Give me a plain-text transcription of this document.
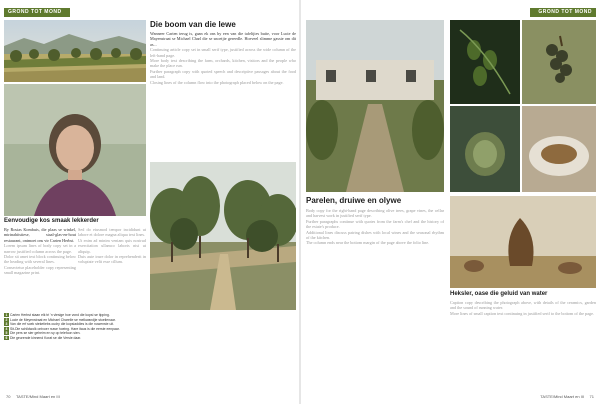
GROND TOT MOND
Eenvoudige kos smaak lekkerder
By Rosias Kombuis, die plaas se winkel, mtrinahitstiese, staal-glas-en-hout restaurant, ontmoet ons vir Carien Herbst.
Lorem ipsum lines of body copy set in a narrow justified column across the page.
Dolor sit amet text block continuing below the heading with several lines.
Consectetur placeholder copy representing small magazine print.
Sed do eiusmod tempor incididunt ut labore et dolore magna aliqua text lines.
Ut enim ad minim veniam quis nostrud exercitation ullamco laboris nisi ut aliquip.
Duis aute irure dolor in reprehenderit in voluptate velit esse cillum.
Die boom van die lewe
Wanneer Carien terug is, gaan ek ons by een van die tafeltjies buite, voor Lucie de Mayenstraat se Michael Charl die se snoetjie gereedle. Hoeveel slimme gasste om dit as...
Continuing article copy set in small serif type, justified across the wide column of the left-hand page.
More body text describing the farm, orchards, kitchen, visitors and the people who make the place run.
Further paragraph copy with quoted speech and descriptive passages about the food and land.
Closing lines of the column flow into the photograph placed below on the page.
1 Carien Herbst staan elk tri 'n vlesige hoe vond die kopsi se tipping.
2 Lucie de Meyenstraat en Michael Charelle se melkwandjie stoelienaar.
3 Van die erf soek steketiebs oudry die kopsiaddies is die nuwenste uit.
4 Sit-Die schildwolk ontvoer nuwe hoeing. Hare itaus is die eerste eenpaar.
5 Die pers se sier geheim en sy op telefoon sien.
6 Die geurende kinnend Korat se die Versie daar.
70 TASTE/Mind Maart en III
GROND TOT MOND
Parelen, druiwe en olywe
Body copy for the right-hand page describing olive trees, grape vines, the cellar and harvest work in justified serif type.
Further paragraphs continue with quotes from the farm's chef and the history of the estate's produce.
Additional lines discuss pairing dishes with local wines and the seasonal rhythm of the kitchen.
The column ends near the bottom margin of the page above the folio line.
Heksler, oase die geluid van water
Caption copy describing the photograph above, with details of the ceramics, garden and the sound of running water.
More lines of small caption text continuing in justified serif to the bottom of the page.
TASTE/Mind Maart en III 71
